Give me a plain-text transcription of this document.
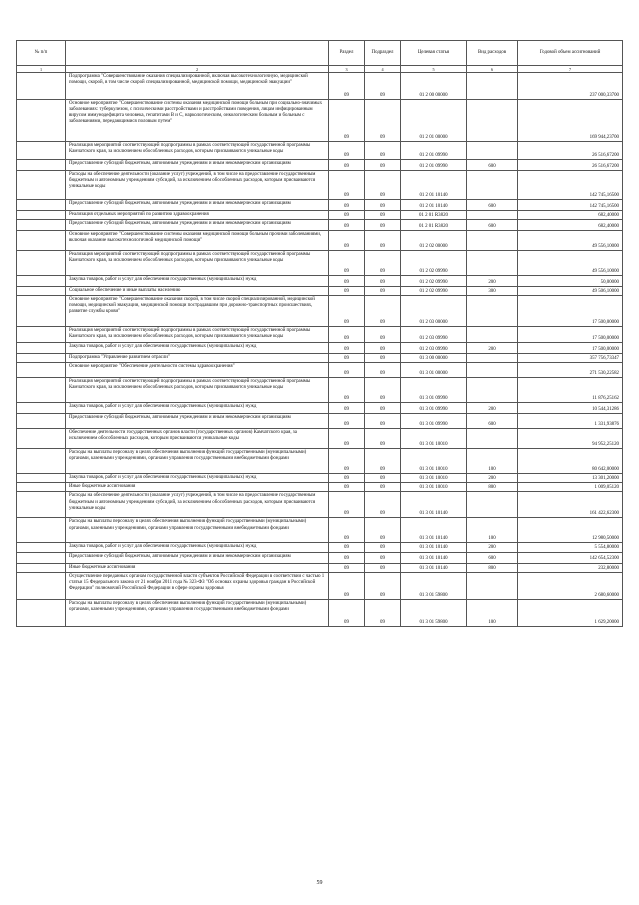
№ п/п		Раздел	Подраздел	Целевая статья	Вид расходов	Годовой объем ассигнований
1	2	3	4	5	6	7
	Подпрограмма "Совершенствование оказания специализированной, включая высокотехнологичную, медицинской помощи, скорой, в том числе скорой специализированной, медицинской помощи, медицинской эвакуации"	09	09	01 2 00 00000		237 000,33700
	Основное мероприятие "Совершенствование системы оказания медицинской помощи больным при социально-значимых заболеваниях: туберкулезом, с психическими расстройствами и расстройствами поведения, лицам инфицированным вирусом иммунодефицита человека, гепатитами В и С, наркологическим, онкологическим больным и больным с заболеваниями, передающимися половым путем"	09	09	01 2 01 00000		169 944,23700
	Реализация мероприятий соответствующей подпрограммы в рамках соответствующей государственной программы Камчатского края, за исключением обособленных расходов, которым присваиваются уникальные коды	09	09	01 2 01 09990		26 516,67200
	Предоставление субсидий бюджетным, автономным учреждениям и иным некоммерческим организациям	09	09	01 2 01 09990	600	26 516,67200
	Расходы на обеспечение деятельности (оказание услуг) учреждений, в том числе на предоставление государственным бюджетным и автономным учреждениям субсидий, за исключением обособленных расходов, которым присваиваются уникальные коды	09	09	01 2 01 10140		142 745,16500
	Предоставление субсидий бюджетным, автономным учреждениям и иным некоммерческим организациям	09	09	01 2 01 10140	600	142 745,16500
	Реализация отдельных мероприятий по развитию здравоохранения	09	09	01 2 01 R3820		682,40000
	Предоставление субсидий бюджетным, автономным учреждениям и иным некоммерческим организациям	09	09	01 2 01 R3820	600	682,40000
	Основное мероприятие "Совершенствование системы оказания медицинской помощи больным прочими заболеваниями, включая оказание высокотехнологичной медицинской помощи"	09	09	01 2 02 00000		49 556,10000
	Реализация мероприятий соответствующей подпрограммы в рамках соответствующей государственной программы Камчатского края, за исключением обособленных расходов, которым присваиваются уникальные коды	09	09	01 2 02 09990		49 556,10000
	Закупка товаров, работ и услуг для обеспечения государственных (муниципальных) нужд	09	09	01 2 02 09990	200	50,00000
	Социальное обеспечение и иные выплаты населению	09	09	01 2 02 09990	300	49 506,10000
	Основное мероприятие "Совершенствование оказания скорой, в том числе скорой специализированной, медицинской помощи, медицинской эвакуации, медицинской помощи пострадавшим при дорожно-транспортных происшествиях, развитие службы крови"	09	09	01 2 03 00000		17 500,00000
	Реализация мероприятий соответствующей подпрограммы в рамках соответствующей государственной программы Камчатского края, за исключением обособленных расходов, которым присваиваются уникальные коды	09	09	01 2 03 09990		17 500,00000
	Закупка товаров, работ и услуг для обеспечения государственных (муниципальных) нужд	09	09	01 2 03 09990	200	17 500,00000
	Подпрограмма "Управление развитием отрасли"	09	09	01 3 00 00000		357 756,73347
	Основное мероприятие "Обеспечение деятельности системы здравоохранения"	09	09	01 3 01 00000		271 530,22582
	Реализация мероприятий соответствующей подпрограммы в рамках соответствующей государственной программы Камчатского края, за исключением обособленных расходов, которым присваиваются уникальные коды	09	09	01 3 01 09990		11 876,25162
	Закупка товаров, работ и услуг для обеспечения государственных (муниципальных) нужд	09	09	01 3 01 09990	200	10 544,31286
	Предоставление субсидий бюджетным, автономным учреждениям и иным некоммерческим организациям	09	09	01 3 01 09990	600	1 331,93876
	Обеспечение деятельности государственных органов власти (государственных органов) Камчатского края, за исключением обособленных расходов, которым присваиваются уникальные коды	09	09	01 3 01 10010		94 952,25120
	Расходы на выплаты персоналу в целях обеспечения выполнения функций государственными (муниципальными) органами, казенными учреждениями, органами управления государственными внебюджетными фондами	09	09	01 3 01 10010	100	80 642,00000
	Закупка товаров, работ и услуг для обеспечения государственных (муниципальных) нужд	09	09	01 3 01 10010	200	13 301,20000
	Иные бюджетные ассигнования	09	09	01 3 01 10010	800	1 009,05120
	Расходы на обеспечение деятельности (оказание услуг) учреждений, в том числе на предоставление государственным бюджетным и автономным учреждениям субсидий, за исключением обособленных расходов, которым присваиваются уникальные коды	09	09	01 3 01 10140		161 422,62300
	Расходы на выплаты персоналу в целях обеспечения выполнения функций государственными (муниципальными) органами, казенными учреждениями, органами управления государственными внебюджетными фондами	09	09	01 3 01 10140	100	12 980,50000
	Закупка товаров, работ и услуг для обеспечения государственных (муниципальных) нужд	09	09	01 3 01 10140	200	5 554,80000
	Предоставление субсидий бюджетным, автономным учреждениям и иным некоммерческим организациям	09	09	01 3 01 10140	600	142 654,52300
	Иные бюджетные ассигнования	09	09	01 3 01 10140	800	232,80000
	Осуществление переданных органам государственной власти субъектов Российской Федерации в соответствии с частью 1 статьи 15 Федерального закона от 21 ноября 2011 года № 323-ФЗ "Об основах охраны здоровья граждан в Российской Федерации" полномочий Российской Федерации в сфере охраны здоровья	09	09	01 3 01 59800		2 680,60000
	Расходы на выплаты персоналу в целях обеспечения выполнения функций государственными (муниципальными) органами, казенными учреждениями, органами управления государственными внебюджетными фондами	09	09	01 3 01 59800	100	1 629,20000
59
